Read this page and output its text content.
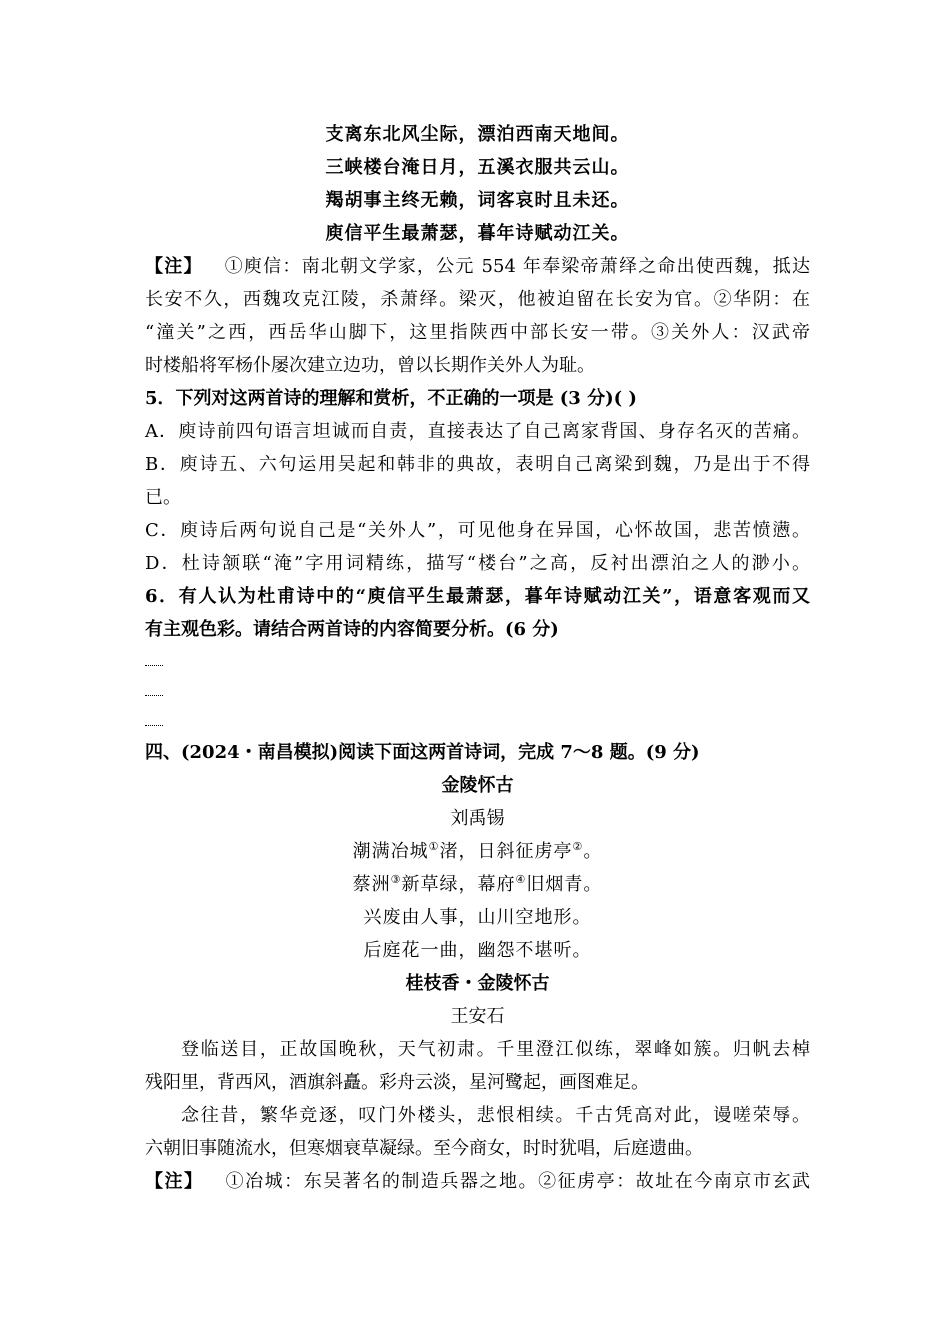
支离东北风尘际，漂泊西南天地间。
三峡楼台淹日月，五溪衣服共云山。
羯胡事主终无赖，词客哀时且未还。
庾信平生最萧瑟，暮年诗赋动江关。
【注】 ①庾信：南北朝文学家，公元 554 年奉梁帝萧绎之命出使西魏，抵达
长安不久，西魏攻克江陵，杀萧绎。梁灭，他被迫留在长安为官。②华阴：在
“潼关”之西，西岳华山脚下，这里指陕西中部长安一带。③关外人：汉武帝
时楼船将军杨仆屡次建立边功，曾以长期作关外人为耻。
5．下列对这两首诗的理解和赏析，不正确的一项是 (3 分)( )
A．庾诗前四句语言坦诚而自责，直接表达了自己离家背国、身存名灭的苦痛。
B．庾诗五、六句运用吴起和韩非的典故，表明自己离梁到魏，乃是出于不得
已。
C．庾诗后两句说自己是“关外人”，可见他身在异国，心怀故国，悲苦愤懑。
D．杜诗颔联“淹”字用词精练，描写“楼台”之高，反衬出漂泊之人的渺小。
6．有人认为杜甫诗中的“庾信平生最萧瑟，暮年诗赋动江关”，语意客观而又
有主观色彩。请结合两首诗的内容简要分析。(6 分)
四、(2024・南昌模拟)阅读下面这两首诗词，完成 7～8 题。(9 分)
金陵怀古
刘禹锡
潮满冶城①渚，日斜征虏亭②。
蔡洲③新草绿，幕府④旧烟青。
兴废由人事，山川空地形。
后庭花一曲，幽怨不堪听。
桂枝香・金陵怀古
王安石
登临送目，正故国晚秋，天气初肃。千里澄江似练，翠峰如簇。归帆去棹
残阳里，背西风，酒旗斜矗。彩舟云淡，星河鹭起，画图难足。
念往昔，繁华竞逐，叹门外楼头，悲恨相续。千古凭高对此，谩嗟荣辱。
六朝旧事随流水，但寒烟衰草凝绿。至今商女，时时犹唱，后庭遗曲。
【注】 ①冶城：东吴著名的制造兵器之地。②征虏亭：故址在今南京市玄武
